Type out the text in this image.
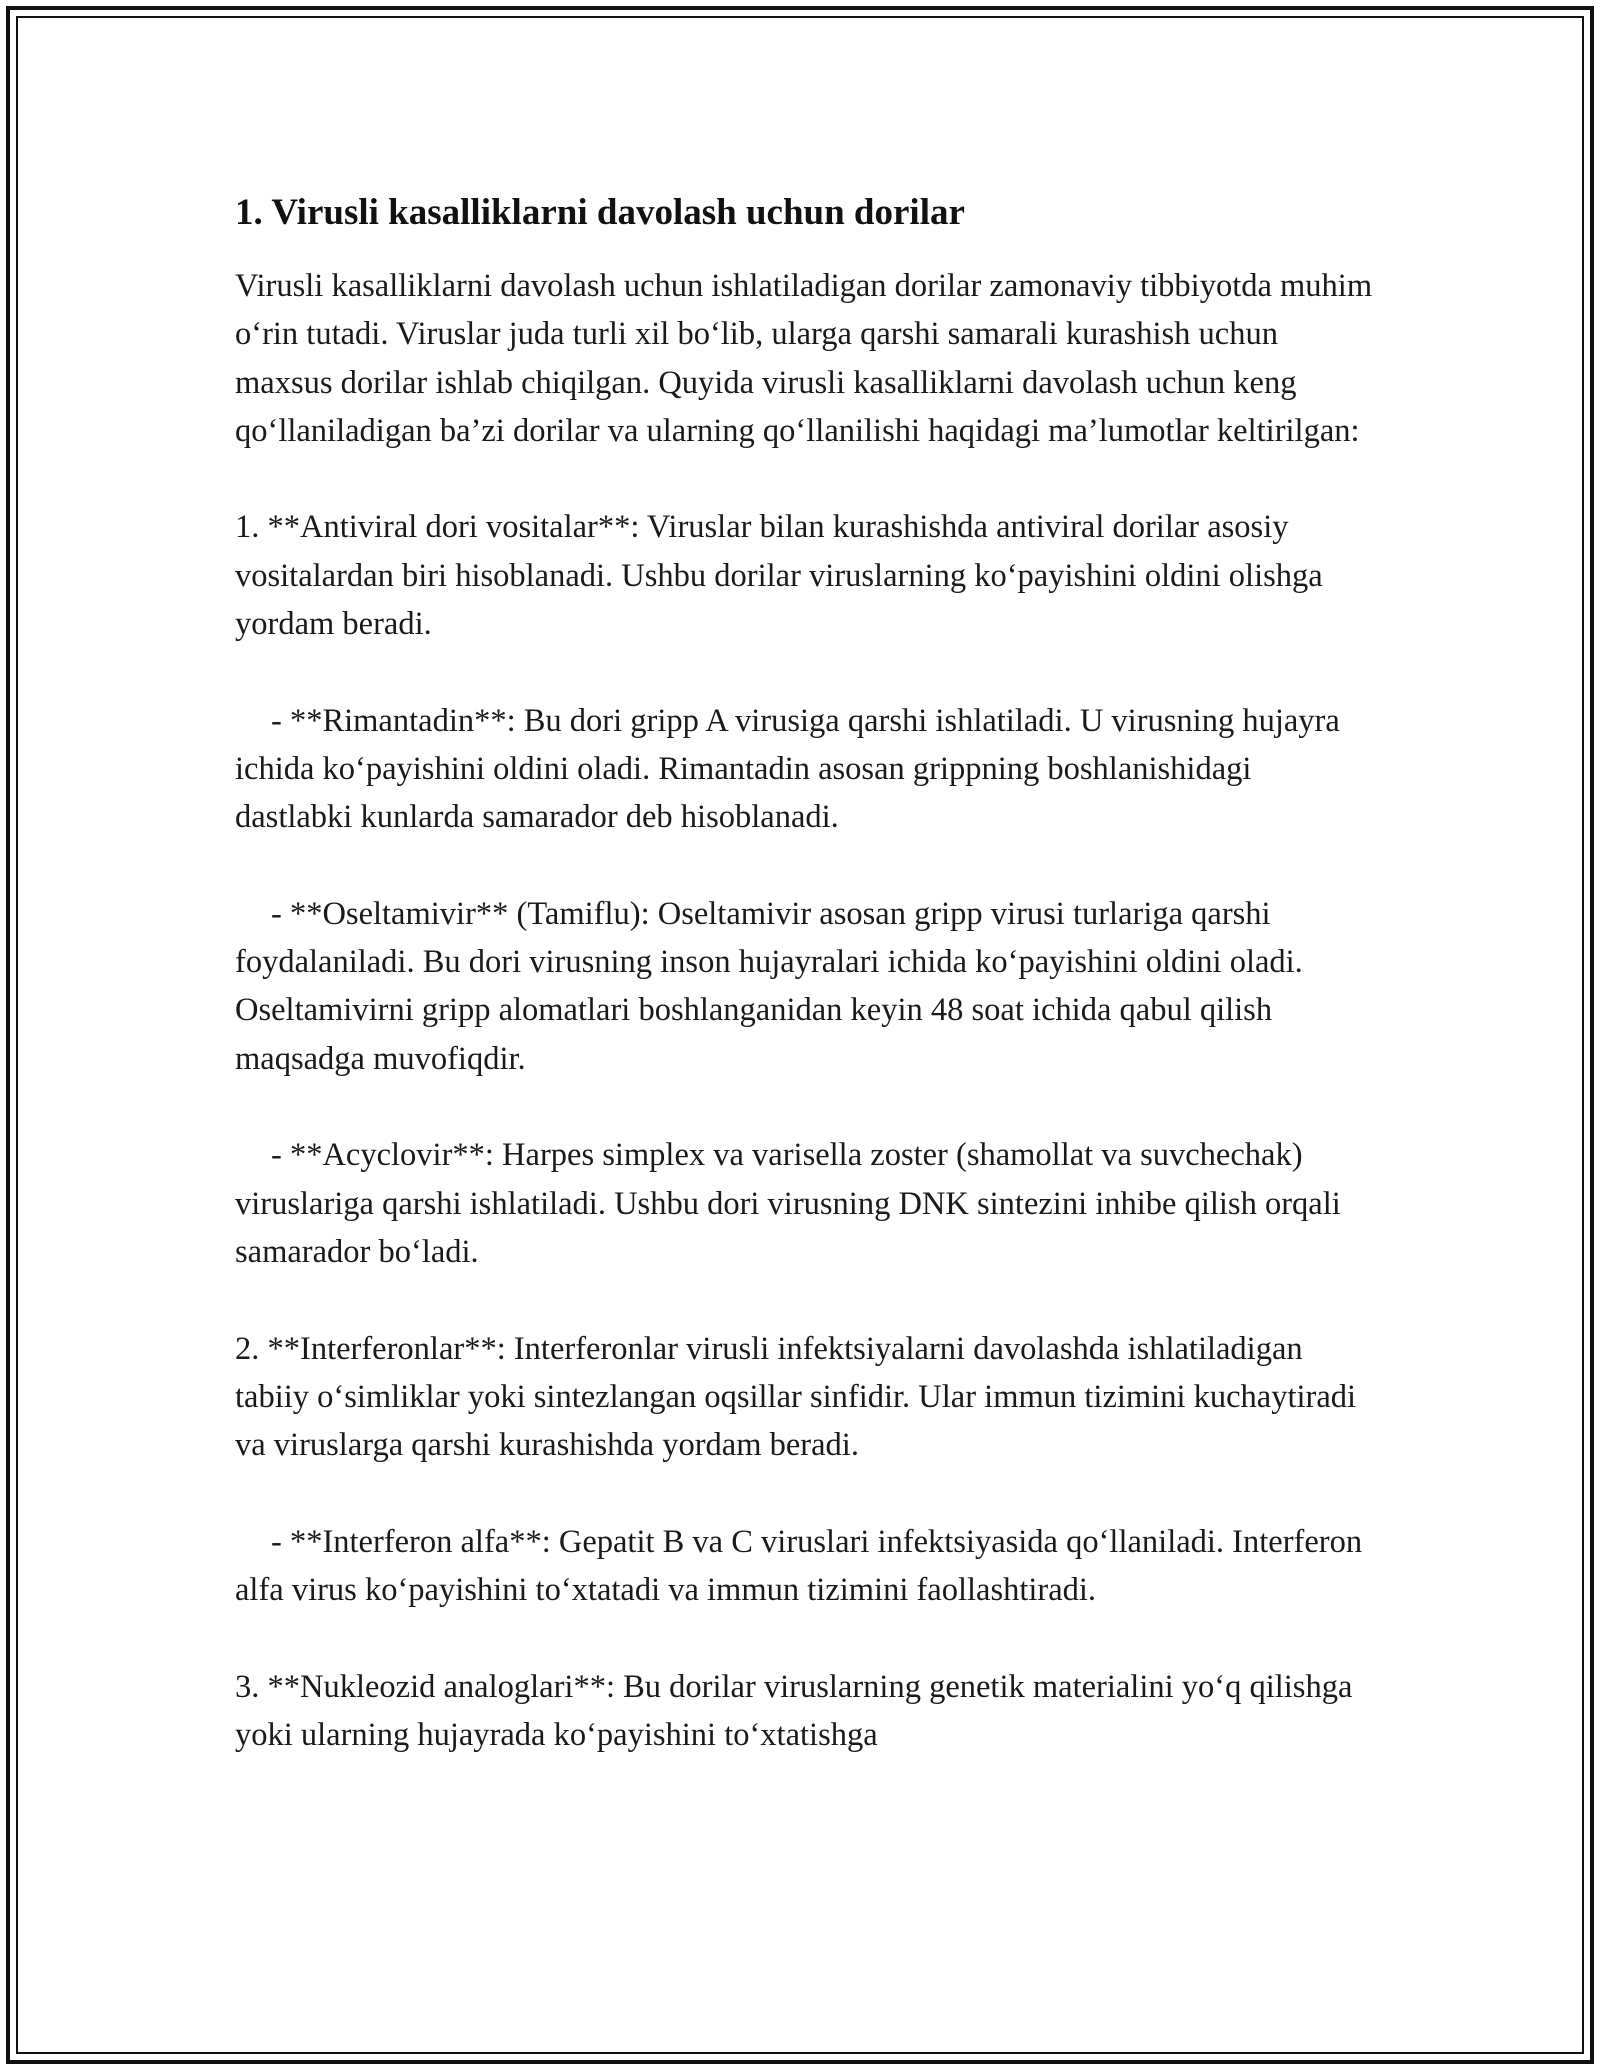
1. Virusli kasalliklarni davolash uchun dorilar

Virusli kasalliklarni davolash uchun ishlatiladigan dorilar zamonaviy tibbiyotda muhim o‘rin tutadi. Viruslar juda turli xil bo‘lib, ularga qarshi samarali kurashish uchun maxsus dorilar ishlab chiqilgan. Quyida virusli kasalliklarni davolash uchun keng qo‘llaniladigan ba’zi dorilar va ularning qo‘llanilishi haqidagi ma’lumotlar keltirilgan:

1. **Antiviral dori vositalar**: Viruslar bilan kurashishda antiviral dorilar asosiy vositalardan biri hisoblanadi. Ushbu dorilar viruslarning ko‘payishini oldini olishga yordam beradi.

- **Rimantadin**: Bu dori gripp A virusiga qarshi ishlatiladi. U virusning hujayra ichida ko‘payishini oldini oladi. Rimantadin asosan grippning boshlanishidagi dastlabki kunlarda samarador deb hisoblanadi.

- **Oseltamivir** (Tamiflu): Oseltamivir asosan gripp virusi turlariga qarshi foydalaniladi. Bu dori virusning inson hujayralari ichida ko‘payishini oldini oladi. Oseltamivirni gripp alomatlari boshlanganidan keyin 48 soat ichida qabul qilish maqsadga muvofiqdir.

- **Acyclovir**: Harpes simplex va varisella zoster (shamollat va suvchechak) viruslariga qarshi ishlatiladi. Ushbu dori virusning DNK sintezini inhibe qilish orqali samarador bo‘ladi.

2. **Interferonlar**: Interferonlar virusli infektsiyalarni davolashda ishlatiladigan tabiiy o‘simliklar yoki sintezlangan oqsillar sinfidir. Ular immun tizimini kuchaytiradi va viruslarga qarshi kurashishda yordam beradi.

- **Interferon alfa**: Gepatit B va C viruslari infektsiyasida qo‘llaniladi. Interferon alfa virus ko‘payishini to‘xtatadi va immun tizimini faollashtiradi.

3. **Nukleozid analoglari**: Bu dorilar viruslarning genetik materialini yo‘q qilishga yoki ularning hujayrada ko‘payishini to‘xtatishga
